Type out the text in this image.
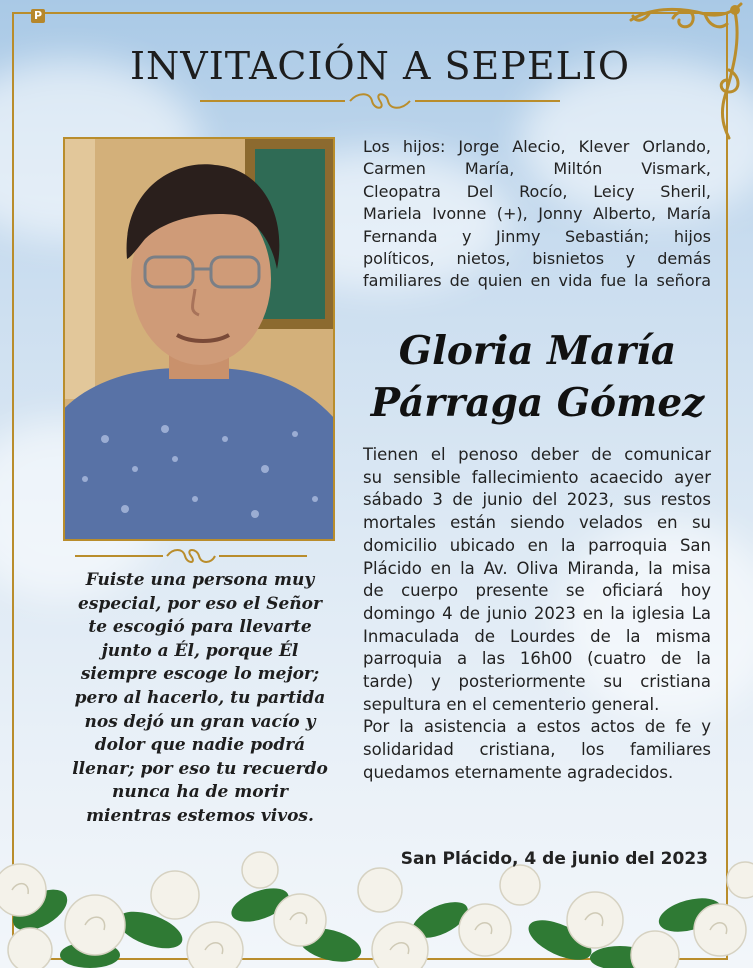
P
INVITACIÓN A SEPELIO
Fuiste una persona muy
especial, por eso el Señor
te escogió para llevarte
junto a Él, porque Él
siempre escoge lo mejor;
pero al hacerlo, tu partida
nos dejó un gran vacío y
dolor que nadie podrá
llenar; por eso tu recuerdo
nunca ha de morir
mientras estemos vivos.
Los hijos: Jorge Alecio, Klever Orlando,
Carmen María, Miltón Vismark,
Cleopatra Del Rocío, Leicy Sheril,
Mariela Ivonne (+), Jonny Alberto, María
Fernanda y Jinmy Sebastián; hijos
políticos, nietos, bisnietos y demás
familiares de quien en vida fue la señora
Gloria María
Párraga Gómez
Tienen el penoso deber de comunicar
su sensible fallecimiento acaecido ayer
sábado 3 de junio del 2023, sus restos
mortales están siendo velados en su
domicilio ubicado en la parroquia San
Plácido en la Av. Oliva Miranda, la misa
de cuerpo presente se oficiará hoy
domingo 4 de junio 2023 en la iglesia La
Inmaculada de Lourdes de la misma
parroquia a las 16h00 (cuatro de la
tarde) y posteriormente su cristiana
sepultura en el cementerio general.
Por la asistencia a estos actos de fe y
solidaridad cristiana, los familiares
quedamos eternamente agradecidos.
San Plácido, 4 de junio del 2023
